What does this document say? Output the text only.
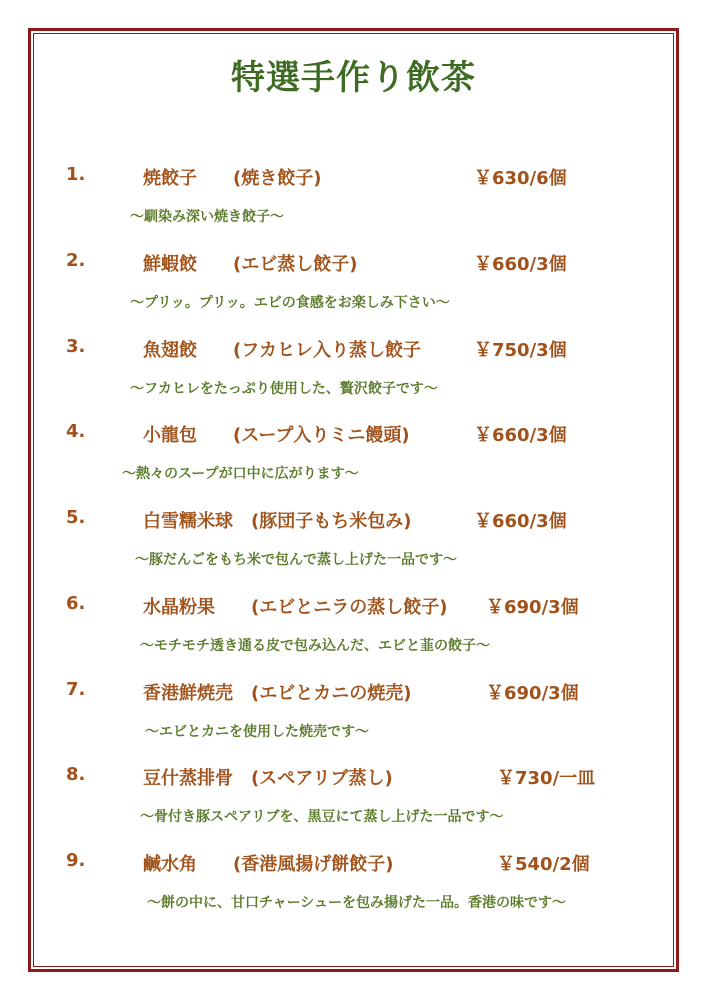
特選手作り飲茶
1.	焼餃子　　(焼き餃子)	￥630/6個
～馴染み深い焼き餃子～
2.	鮮蝦餃　　(エビ蒸し餃子)	￥660/3個
～プリッ。プリッ。エビの食感をお楽しみ下さい～
3.	魚翅餃　　(フカヒレ入り蒸し餃子	￥750/3個
～フカヒレをたっぷり使用した、贅沢餃子です～
4.	小龍包　　(スープ入りミニ饅頭)	￥660/3個
～熱々のスープが口中に広がります～
5.	白雪糯米球　(豚団子もち米包み)	￥660/3個
～豚だんごをもち米で包んで蒸し上げた一品です～
6.	水晶粉果　　(エビとニラの蒸し餃子) ￥690/3個
～モチモチ透き通る皮で包み込んだ、エビと韮の餃子～
7.	香港鮮焼売　(エビとカニの焼売)	￥690/3個
～エビとカニを使用した焼売です～
8.	豆什蒸排骨　(スペアリブ蒸し)	￥730/一皿
～骨付き豚スペアリブを、黒豆にて蒸し上げた一品です～
9.	鹹水角　　(香港風揚げ餅餃子)	￥540/2個
～餅の中に、甘口チャーシューを包み揚げた一品。香港の味です～
